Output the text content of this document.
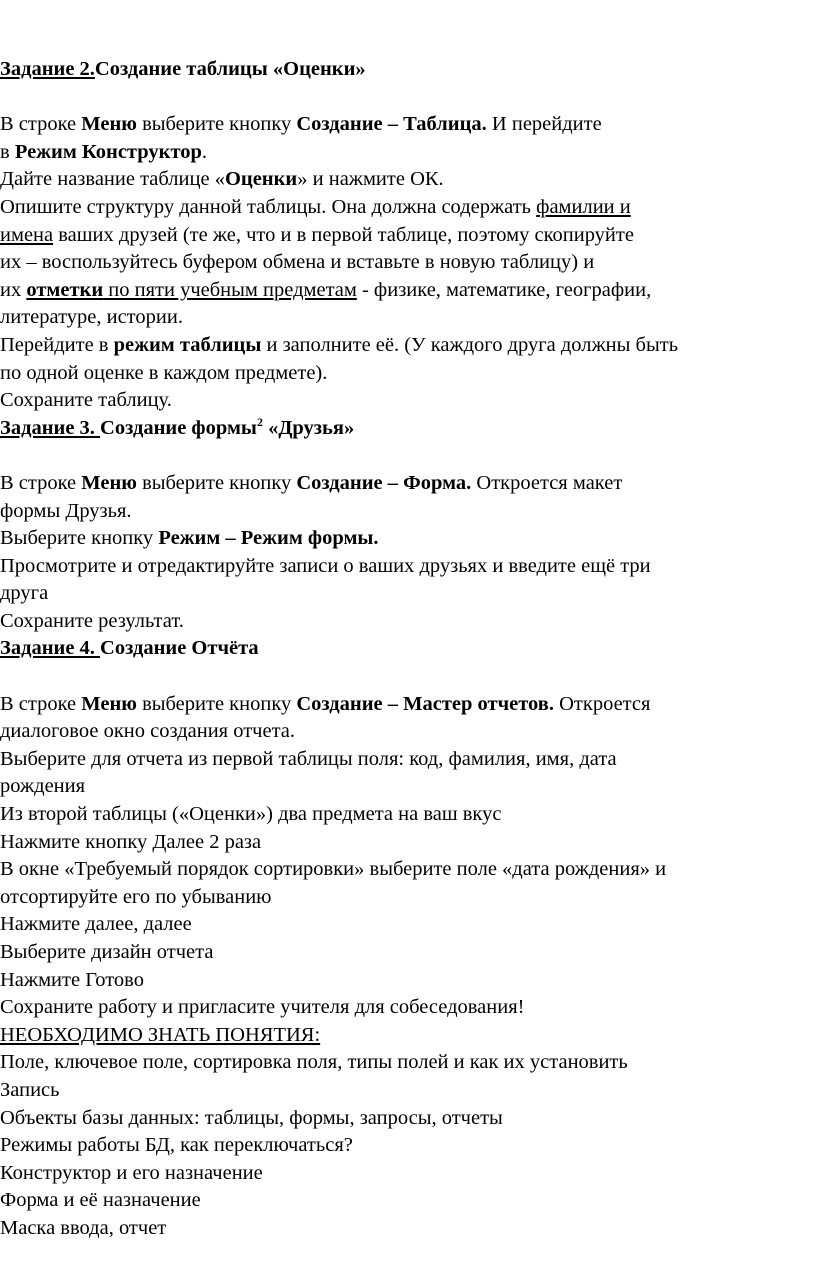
Задание 2.Создание таблицы «Оценки»
В строке Меню выберите кнопку Создание – Таблица. И перейдите
в Режим Конструктор.
Дайте название таблице «Оценки» и нажмите ОК.
Опишите структуру данной таблицы. Она должна содержать фамилии и
имена ваших друзей (те же, что и в первой таблице, поэтому скопируйте
их – воспользуйтесь буфером обмена и вставьте в новую таблицу) и
их отметки по пяти учебным предметам - физике, математике, географии,
литературе, истории.
Перейдите в режим таблицы и заполните её. (У каждого друга должны быть
по одной оценке в каждом предмете).
Сохраните таблицу.
Задание 3. Создание формы$^2$ «Друзья»
В строке Меню выберите кнопку Создание – Форма. Откроется макет
формы Друзья.
Выберите кнопку Режим – Режим формы.
Просмотрите и отредактируйте записи о ваших друзьях и введите ещё три
друга
Сохраните результат.
Задание 4. Создание Отчёта
В строке Меню выберите кнопку Создание – Мастер отчетов. Откроется
диалоговое окно создания отчета.
Выберите для отчета из первой таблицы поля: код, фамилия, имя, дата
рождения
Из второй таблицы («Оценки») два предмета на ваш вкус
Нажмите кнопку Далее 2 раза
В окне «Требуемый порядок сортировки» выберите поле «дата рождения» и
отсортируйте его по убыванию
Нажмите далее, далее
Выберите дизайн отчета
Нажмите Готово
Сохраните работу и пригласите учителя для собеседования!
НЕОБХОДИМО ЗНАТЬ ПОНЯТИЯ:
Поле, ключевое поле, сортировка поля, типы полей и как их установить
Запись
Объекты базы данных: таблицы, формы, запросы, отчеты
Режимы работы БД, как переключаться?
Конструктор и его назначение
Форма и её назначение
Маска ввода, отчет
